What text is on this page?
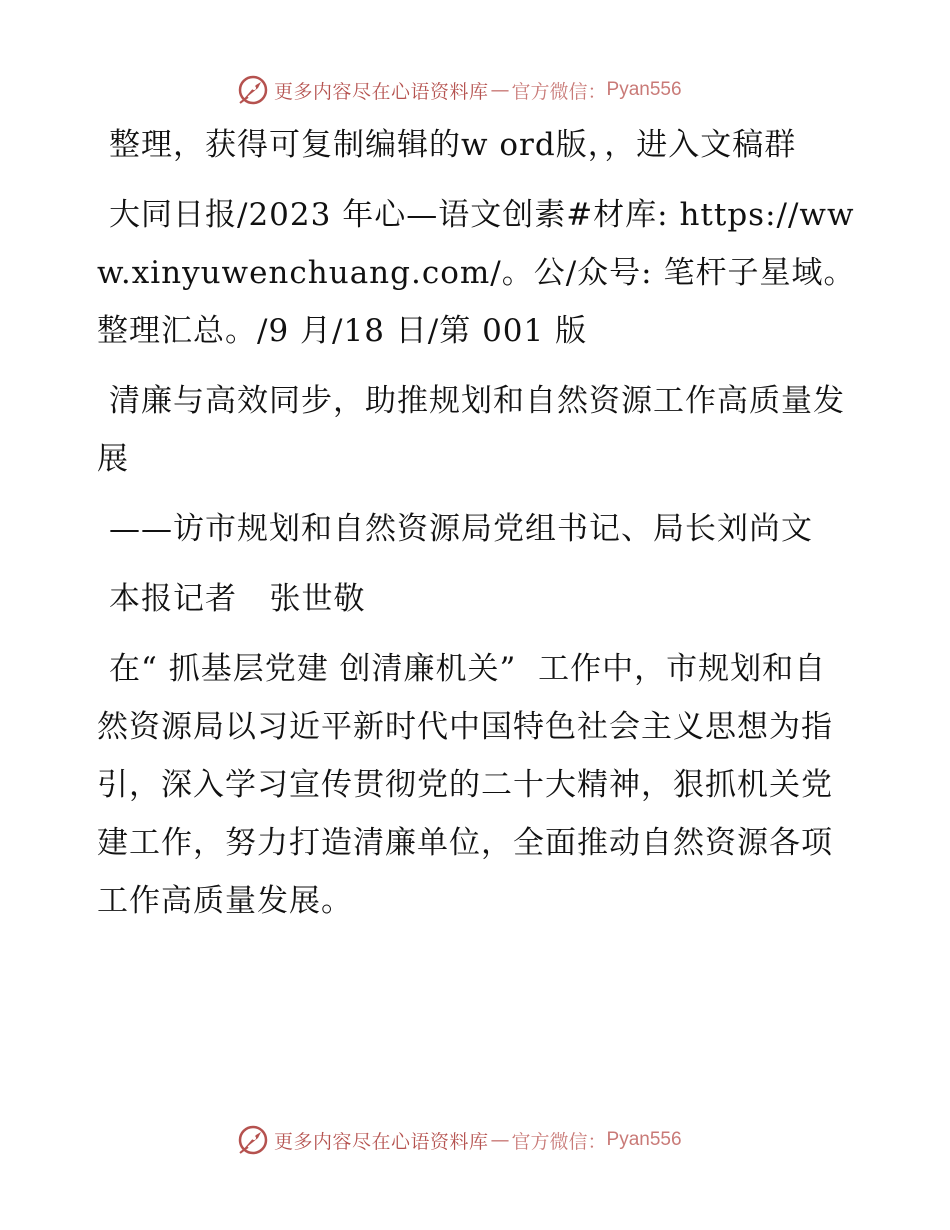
更多内容尽在心语资料库 — 官方微信： Pyan556

整理，获得可复制编辑的w ord版，，进入文稿群

大同日报/2023 年心—语文创素#材库: https://www.xinyuwenchuang.com/。公/众号: 笔杆子星域。整理汇总。/9 月/18 日/第 001 版

清廉与高效同步，助推规划和自然资源工作高质量发展

——访市规划和自然资源局党组书记、局长刘尚文

本报记者   张世敬

在“ 抓基层党建 创清廉机关”  工作中，市规划和自然资源局以习近平新时代中国特色社会主义思想为指引，深入学习宣传贯彻党的二十大精神，狠抓机关党建工作，努力打造清廉单位，全面推动自然资源各项工作高质量发展。

更多内容尽在心语资料库 — 官方微信： Pyan556
